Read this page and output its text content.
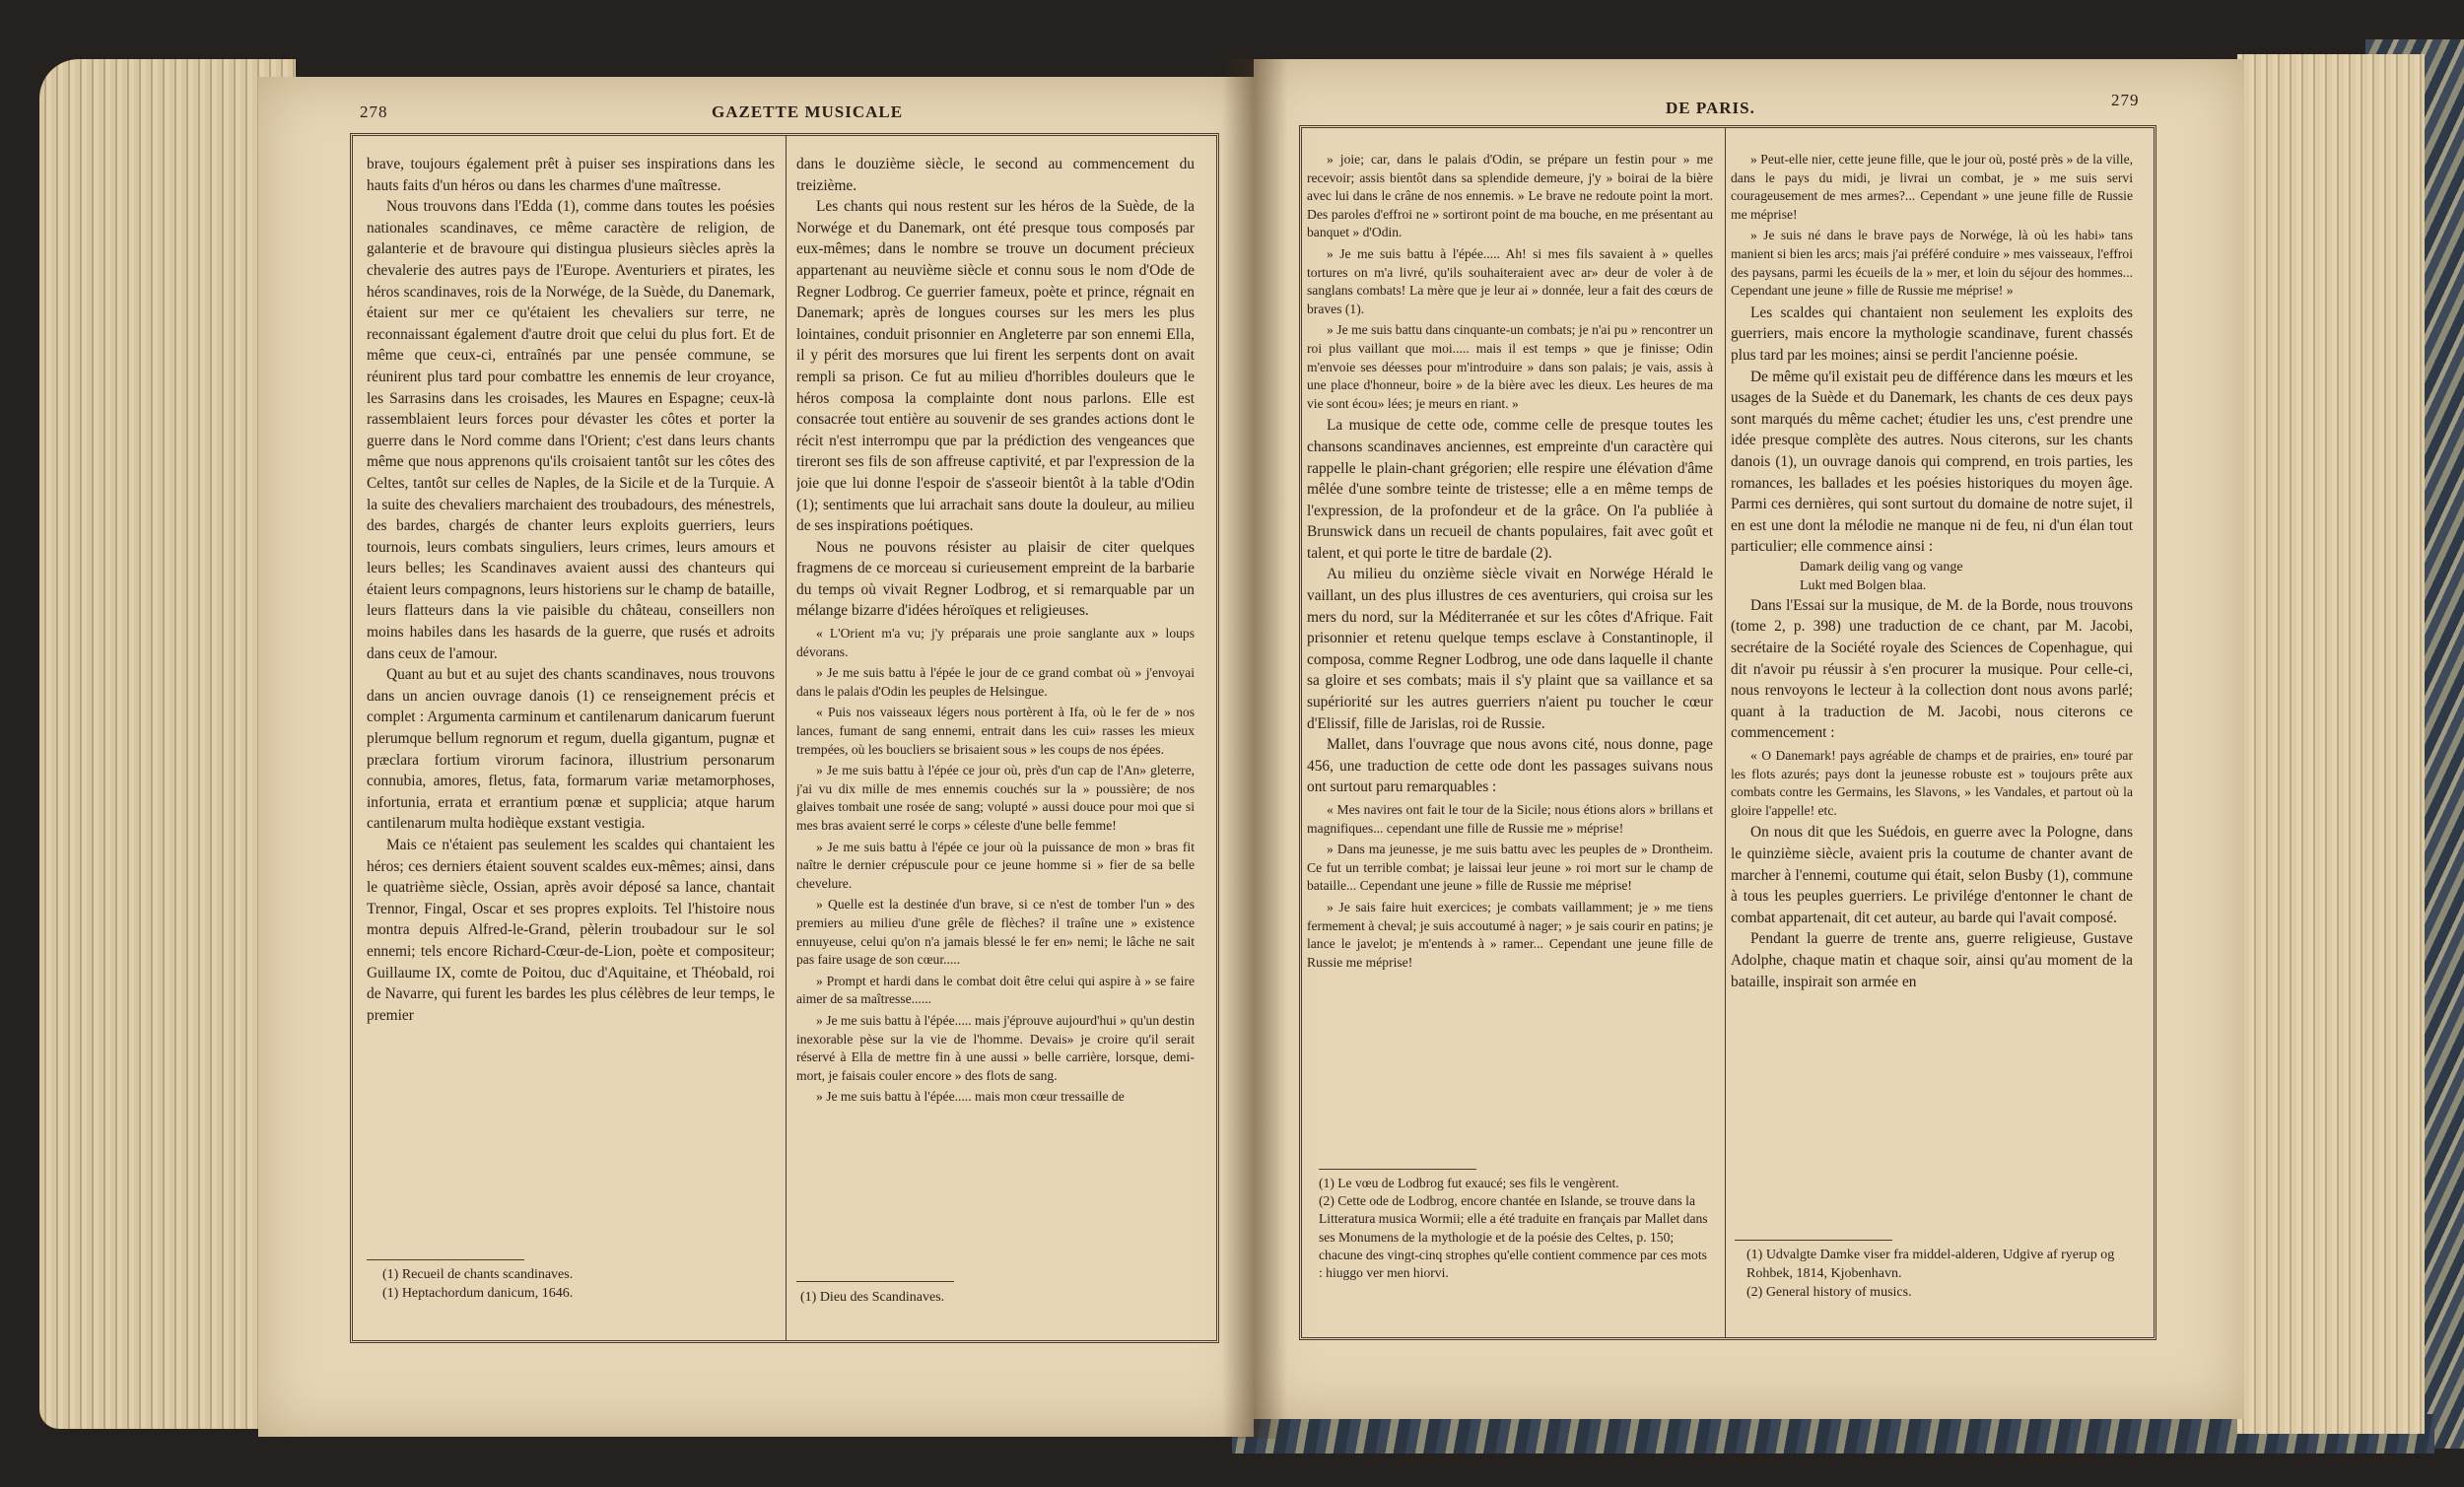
278	GAZETTE MUSICALE	DE PARIS.	279

brave, toujours également prêt à puiser ses inspirations dans les hauts faits d'un héros ou dans les charmes d'une maîtresse.

Nous trouvons dans l'Edda (1), comme dans toutes les poésies nationales scandinaves, ce même caractère de religion, de galanterie et de bravoure qui distingua plusieurs siècles après la chevalerie des autres pays de l'Europe. Aventuriers et pirates, les héros scandinaves, rois de la Norwége, de la Suède, du Danemark, étaient sur mer ce qu'étaient les chevaliers sur terre, ne reconnaissant également d'autre droit que celui du plus fort. Et de même que ceux-ci, entraînés par une pensée commune, se réunirent plus tard pour combattre les ennemis de leur croyance, les Sarrasins dans les croisades, les Maures en Espagne; ceux-là rassemblaient leurs forces pour dévaster les côtes et porter la guerre dans le Nord comme dans l'Orient; c'est dans leurs chants même que nous apprenons qu'ils croisaient tantôt sur les côtes des Celtes, tantôt sur celles de Naples, de la Sicile et de la Turquie. A la suite des chevaliers marchaient des troubadours, des ménestrels, des bardes, chargés de chanter leurs exploits guerriers, leurs tournois, leurs combats singuliers, leurs crimes, leurs amours et leurs belles; les Scandinaves avaient aussi des chanteurs qui étaient leurs compagnons, leurs historiens sur le champ de bataille, leurs flatteurs dans la vie paisible du château, conseillers non moins habiles dans les hasards de la guerre, que rusés et adroits dans ceux de l'amour.

Quant au but et au sujet des chants scandinaves, nous trouvons dans un ancien ouvrage danois (1) ce renseignement précis et complet : Argumenta carminum et cantilenarum danicarum fuerunt plerumque bellum regnorum et regum, duella gigantum, pugnæ et præclara fortium virorum facinora, illustrium personarum connubia, amores, fletus, fata, formarum variæ metamorphoses, infortunia, errata et errantium pœnæ et supplicia; atque harum cantilenarum multa hodièque exstant vestigia.

Mais ce n'étaient pas seulement les scaldes qui chantaient les héros; ces derniers étaient souvent scaldes eux-mêmes; ainsi, dans le quatrième siècle, Ossian, après avoir déposé sa lance, chantait Trennor, Fingal, Oscar et ses propres exploits. Tel l'histoire nous montra depuis Alfred-le-Grand, pèlerin troubadour sur le sol ennemi; tels encore Richard-Cœur-de-Lion, poète et compositeur; Guillaume IX, comte de Poitou, duc d'Aquitaine, et Théobald, roi de Navarre, qui furent les bardes les plus célèbres de leur temps, le premier

(1) Recueil de chants scandinaves.
(1) Heptachordum danicum, 1646.

dans le douzième siècle, le second au commencement du treizième.

Les chants qui nous restent sur les héros de la Suède, de la Norwége et du Danemark, ont été presque tous composés par eux-mêmes; dans le nombre se trouve un document précieux appartenant au neuvième siècle et connu sous le nom d'Ode de Regner Lodbrog. Ce guerrier fameux, poète et prince, régnait en Danemark; après de longues courses sur les mers les plus lointaines, conduit prisonnier en Angleterre par son ennemi Ella, il y périt des morsures que lui firent les serpents dont on avait rempli sa prison. Ce fut au milieu d'horribles douleurs que le héros composa la complainte dont nous parlons. Elle est consacrée tout entière au souvenir de ses grandes actions dont le récit n'est interrompu que par la prédiction des vengeances que tireront ses fils de son affreuse captivité, et par l'expression de la joie que lui donne l'espoir de s'asseoir bientôt à la table d'Odin (1); sentiments que lui arrachait sans doute la douleur, au milieu de ses inspirations poétiques.

Nous ne pouvons résister au plaisir de citer quelques fragmens de ce morceau si curieusement empreint de la barbarie du temps où vivait Regner Lodbrog, et si remarquable par un mélange bizarre d'idées héroïques et religieuses.

« L'Orient m'a vu; j'y préparais une proie sanglante aux » loups dévorans.

» Je me suis battu à l'épée le jour de ce grand combat où » j'envoyai dans le palais d'Odin les peuples de Helsingue.

« Puis nos vaisseaux légers nous portèrent à Ifa, où le fer de » nos lances, fumant de sang ennemi, entrait dans les cui» rasses les mieux trempées, où les boucliers se brisaient sous » les coups de nos épées.

» Je me suis battu à l'épée ce jour où, près d'un cap de l'An» gleterre, j'ai vu dix mille de mes ennemis couchés sur la » poussière; de nos glaives tombait une rosée de sang; volupté » aussi douce pour moi que si mes bras avaient serré le corps » céleste d'une belle femme!

» Je me suis battu à l'épée ce jour où la puissance de mon » bras fit naître le dernier crépuscule pour ce jeune homme si » fier de sa belle chevelure.

» Quelle est la destinée d'un brave, si ce n'est de tomber l'un » des premiers au milieu d'une grêle de flèches? il traîne une » existence ennuyeuse, celui qu'on n'a jamais blessé le fer en» nemi; le lâche ne sait pas faire usage de son cœur.....

» Prompt et hardi dans le combat doit être celui qui aspire à » se faire aimer de sa maîtresse......

» Je me suis battu à l'épée..... mais j'éprouve aujourd'hui » qu'un destin inexorable pèse sur la vie de l'homme. Devais» je croire qu'il serait réservé à Ella de mettre fin à une aussi » belle carrière, lorsque, demi-mort, je faisais couler encore » des flots de sang.

» Je me suis battu à l'épée..... mais mon cœur tressaille de

(1) Dieu des Scandinaves.

» joie; car, dans le palais d'Odin, se prépare un festin pour » me recevoir; assis bientôt dans sa splendide demeure, j'y » boirai de la bière avec lui dans le crâne de nos ennemis. » Le brave ne redoute point la mort. Des paroles d'effroi ne » sortiront point de ma bouche, en me présentant au banquet » d'Odin.

» Je me suis battu à l'épée..... Ah! si mes fils savaient à » quelles tortures on m'a livré, qu'ils souhaiteraient avec ar» deur de voler à de sanglans combats! La mère que je leur ai » donnée, leur a fait des cœurs de braves (1).

» Je me suis battu dans cinquante-un combats; je n'ai pu » rencontrer un roi plus vaillant que moi..... mais il est temps » que je finisse; Odin m'envoie ses déesses pour m'introduire » dans son palais; je vais, assis à une place d'honneur, boire » de la bière avec les dieux. Les heures de ma vie sont écou» lées; je meurs en riant. »

La musique de cette ode, comme celle de presque toutes les chansons scandinaves anciennes, est empreinte d'un caractère qui rappelle le plain-chant grégorien; elle respire une élévation d'âme mêlée d'une sombre teinte de tristesse; elle a en même temps de l'expression, de la profondeur et de la grâce. On l'a publiée à Brunswick dans un recueil de chants populaires, fait avec goût et talent, et qui porte le titre de bardale (2).

Au milieu du onzième siècle vivait en Norwége Hérald le vaillant, un des plus illustres de ces aventuriers, qui croisa sur les mers du nord, sur la Méditerranée et sur les côtes d'Afrique. Fait prisonnier et retenu quelque temps esclave à Constantinople, il composa, comme Regner Lodbrog, une ode dans laquelle il chante sa gloire et ses combats; mais il s'y plaint que sa vaillance et sa supériorité sur les autres guerriers n'aient pu toucher le cœur d'Elissif, fille de Jarislas, roi de Russie.

Mallet, dans l'ouvrage que nous avons cité, nous donne, page 456, une traduction de cette ode dont les passages suivans nous ont surtout paru remarquables :

« Mes navires ont fait le tour de la Sicile; nous étions alors » brillans et magnifiques... cependant une fille de Russie me » méprise!

» Dans ma jeunesse, je me suis battu avec les peuples de » Drontheim. Ce fut un terrible combat; je laissai leur jeune » roi mort sur le champ de bataille... Cependant une jeune » fille de Russie me méprise!

» Je sais faire huit exercices; je combats vaillamment; je » me tiens fermement à cheval; je suis accoutumé à nager; » je sais courir en patins; je lance le javelot; je m'entends à » ramer... Cependant une jeune fille de Russie me méprise!

(1) Le vœu de Lodbrog fut exaucé; ses fils le vengèrent.
(2) Cette ode de Lodbrog, encore chantée en Islande, se trouve dans la Litteratura musica Wormii; elle a été traduite en français par Mallet dans ses Monumens de la mythologie et de la poésie des Celtes, p. 150; chacune des vingt-cinq strophes qu'elle contient commence par ces mots : hiuggo ver men hiorvi.

» Peut-elle nier, cette jeune fille, que le jour où, posté près » de la ville, dans le pays du midi, je livrai un combat, je » me suis servi courageusement de mes armes?... Cependant » une jeune fille de Russie me méprise!

» Je suis né dans le brave pays de Norwége, là où les habi» tans manient si bien les arcs; mais j'ai préféré conduire » mes vaisseaux, l'effroi des paysans, parmi les écueils de la » mer, et loin du séjour des hommes... Cependant une jeune » fille de Russie me méprise! »

Les scaldes qui chantaient non seulement les exploits des guerriers, mais encore la mythologie scandinave, furent chassés plus tard par les moines; ainsi se perdit l'ancienne poésie.

De même qu'il existait peu de différence dans les mœurs et les usages de la Suède et du Danemark, les chants de ces deux pays sont marqués du même cachet; étudier les uns, c'est prendre une idée presque complète des autres. Nous citerons, sur les chants danois (1), un ouvrage danois qui comprend, en trois parties, les romances, les ballades et les poésies historiques du moyen âge. Parmi ces dernières, qui sont surtout du domaine de notre sujet, il en est une dont la mélodie ne manque ni de feu, ni d'un élan tout particulier; elle commence ainsi :

Damark deilig vang og vange

Lukt med Bolgen blaa.

Dans l'Essai sur la musique, de M. de la Borde, nous trouvons (tome 2, p. 398) une traduction de ce chant, par M. Jacobi, secrétaire de la Société royale des Sciences de Copenhague, qui dit n'avoir pu réussir à s'en procurer la musique. Pour celle-ci, nous renvoyons le lecteur à la collection dont nous avons parlé; quant à la traduction de M. Jacobi, nous citerons ce commencement :

« O Danemark! pays agréable de champs et de prairies, en» touré par les flots azurés; pays dont la jeunesse robuste est » toujours prête aux combats contre les Germains, les Slavons, » les Vandales, et partout où la gloire l'appelle! etc.

On nous dit que les Suédois, en guerre avec la Pologne, dans le quinzième siècle, avaient pris la coutume de chanter avant de marcher à l'ennemi, coutume qui était, selon Busby (1), commune à tous les peuples guerriers. Le privilége d'entonner le chant de combat appartenait, dit cet auteur, au barde qui l'avait composé.

Pendant la guerre de trente ans, guerre religieuse, Gustave Adolphe, chaque matin et chaque soir, ainsi qu'au moment de la bataille, inspirait son armée en

(1) Udvalgte Damke viser fra middel-alderen, Udgive af ryerup og Rohbek, 1814, Kjobenhavn.
(2) General history of musics.
